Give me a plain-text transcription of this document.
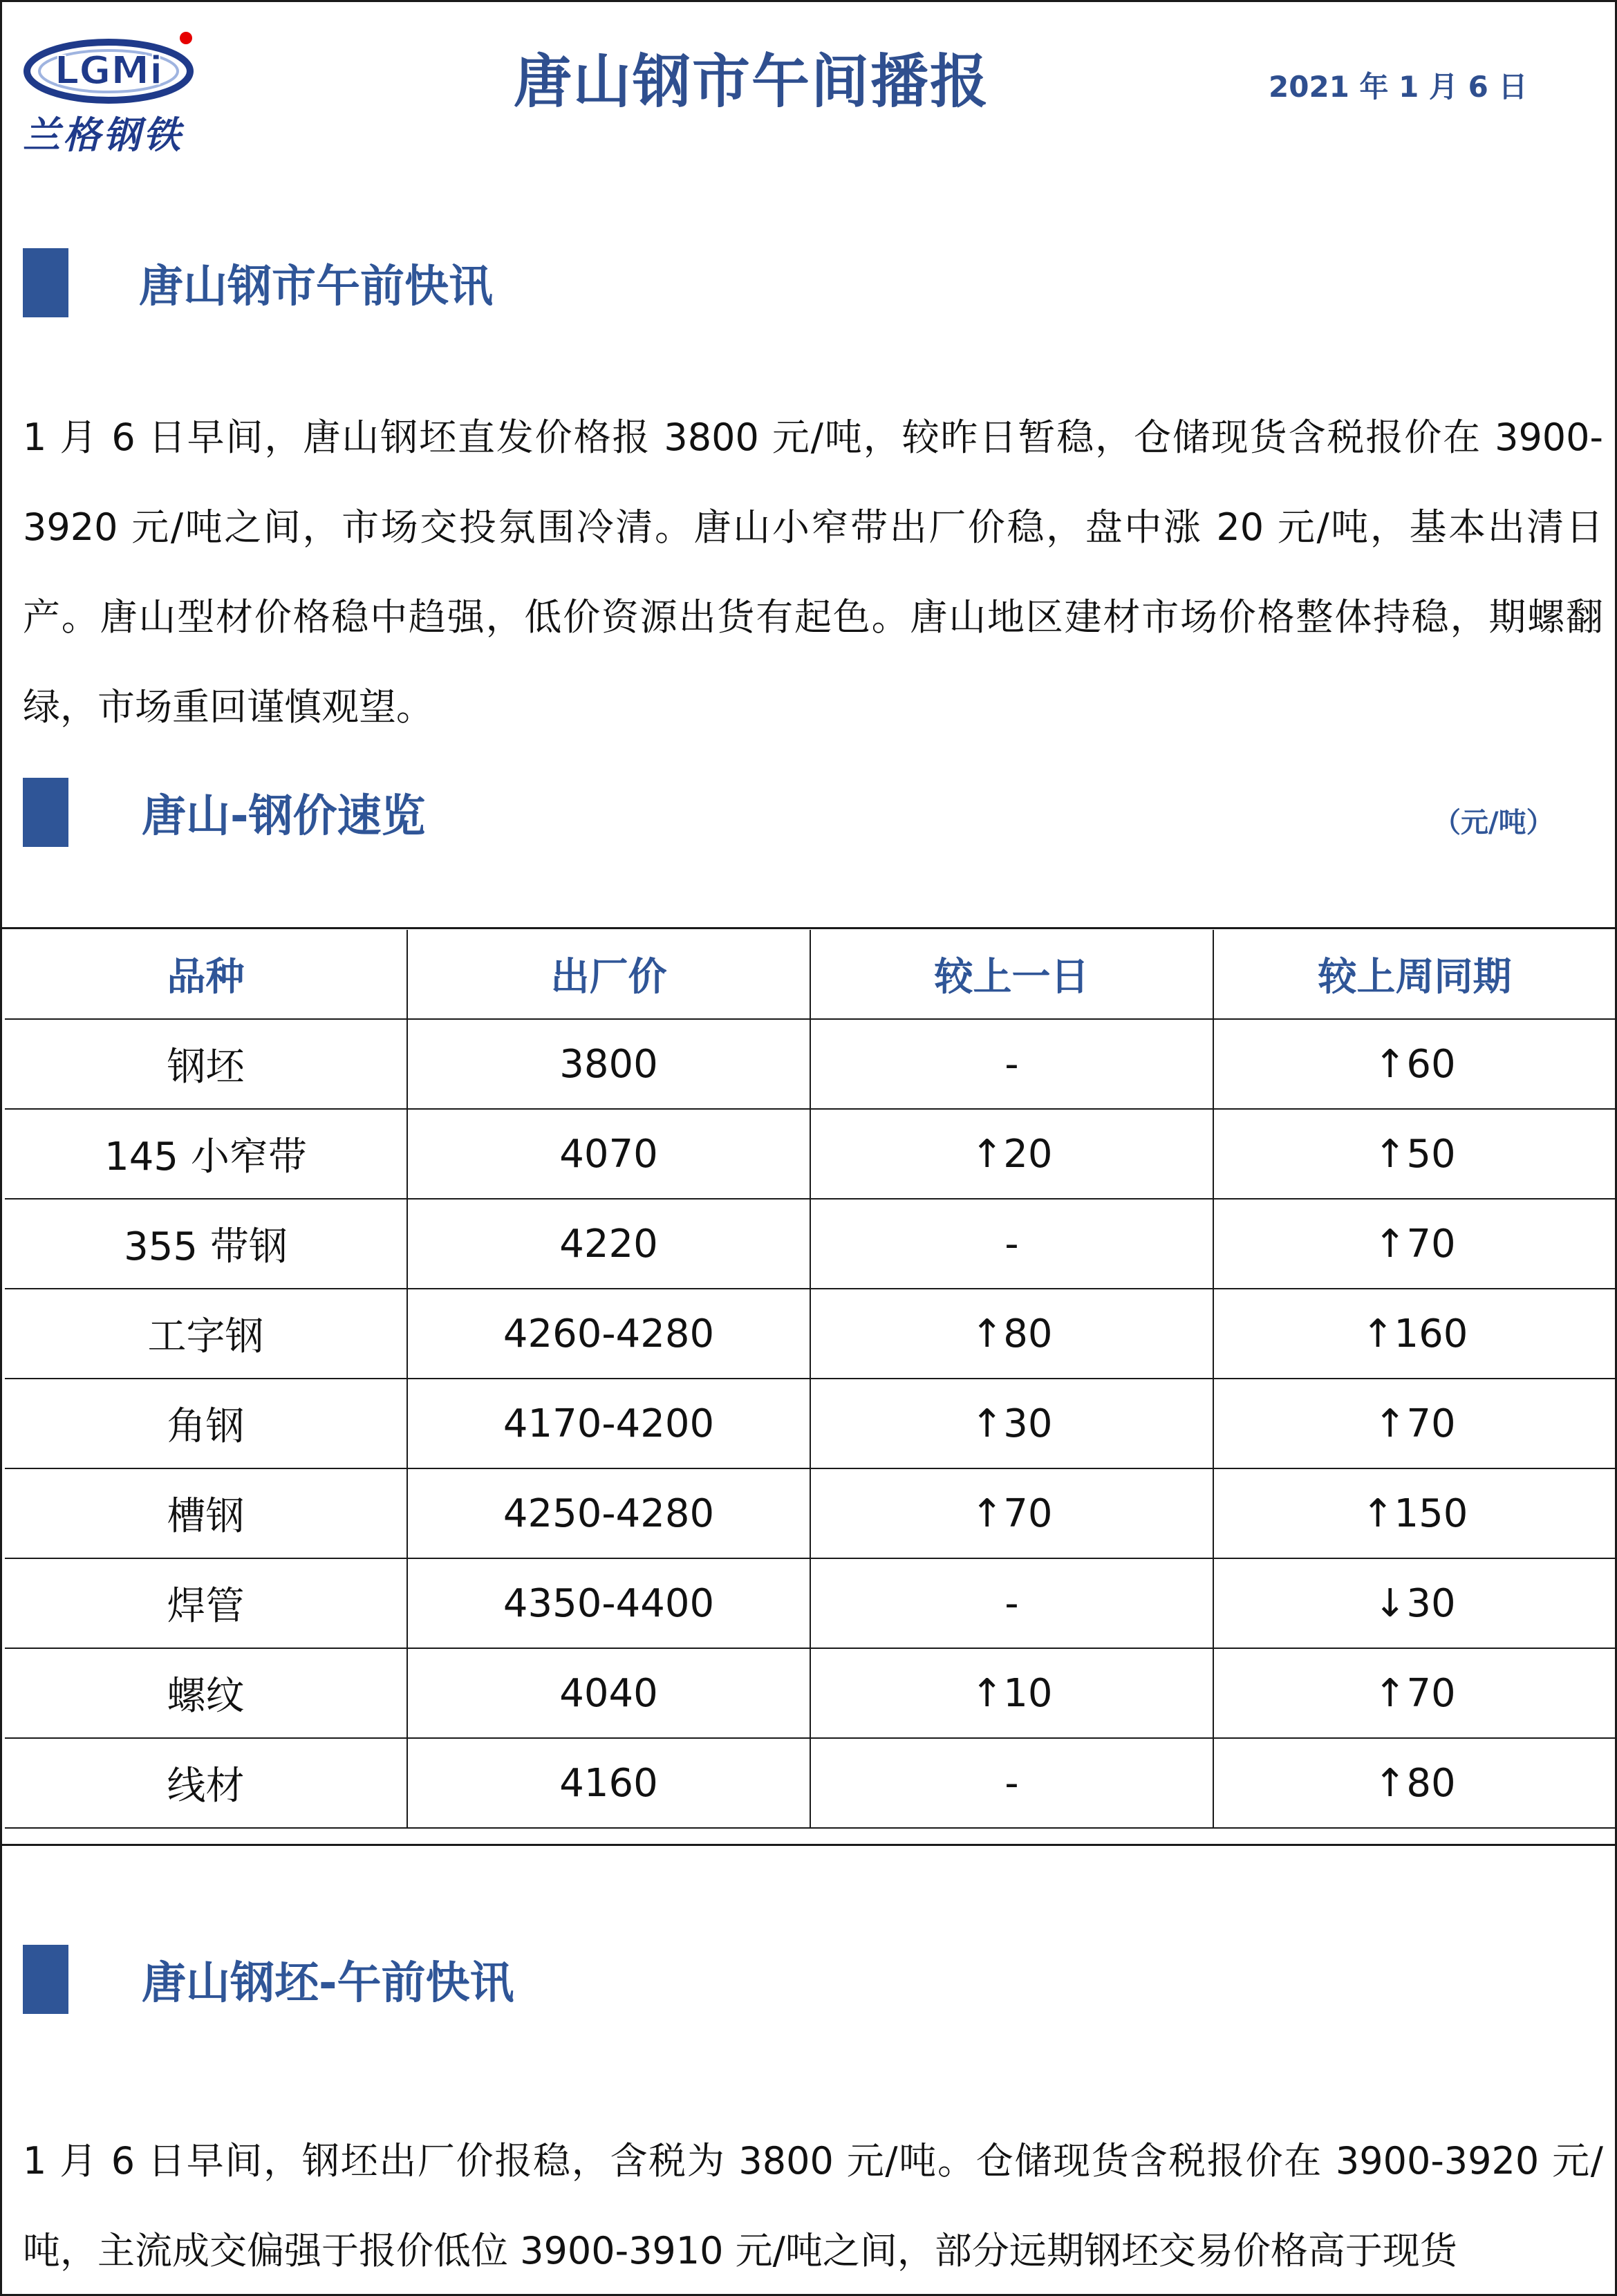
LGMi
兰格钢铁
唐山钢市午间播报	2021 年 1 月 6 日
唐山钢市午前快讯

1 月 6 日早间，唐山钢坯直发价格报 3800 元/吨，较昨日暂稳，仓储现货含税报价在 3900-3920 元/吨之间，市场交投氛围冷清。唐山小窄带出厂价稳，盘中涨 20 元/吨，基本出清日产。唐山型材价格稳中趋强，低价资源出货有起色。唐山地区建材市场价格整体持稳，期螺翻绿，市场重回谨慎观望。

唐山-钢价速览	（元/吨）
品种	出厂价	较上一日	较上周同期
钢坯	3800	-	↑60
145 小窄带	4070	↑20	↑50
355 带钢	4220	-	↑70
工字钢	4260-4280	↑80	↑160
角钢	4170-4200	↑30	↑70
槽钢	4250-4280	↑70	↑150
焊管	4350-4400	-	↓30
螺纹	4040	↑10	↑70
线材	4160	-	↑80
唐山钢坯-午前快讯

1 月 6 日早间，钢坯出厂价报稳，含税为 3800 元/吨。仓储现货含税报价在 3900-3920 元/吨，主流成交偏强于报价低位 3900-3910 元/吨之间，部分远期钢坯交易价格高于现货
